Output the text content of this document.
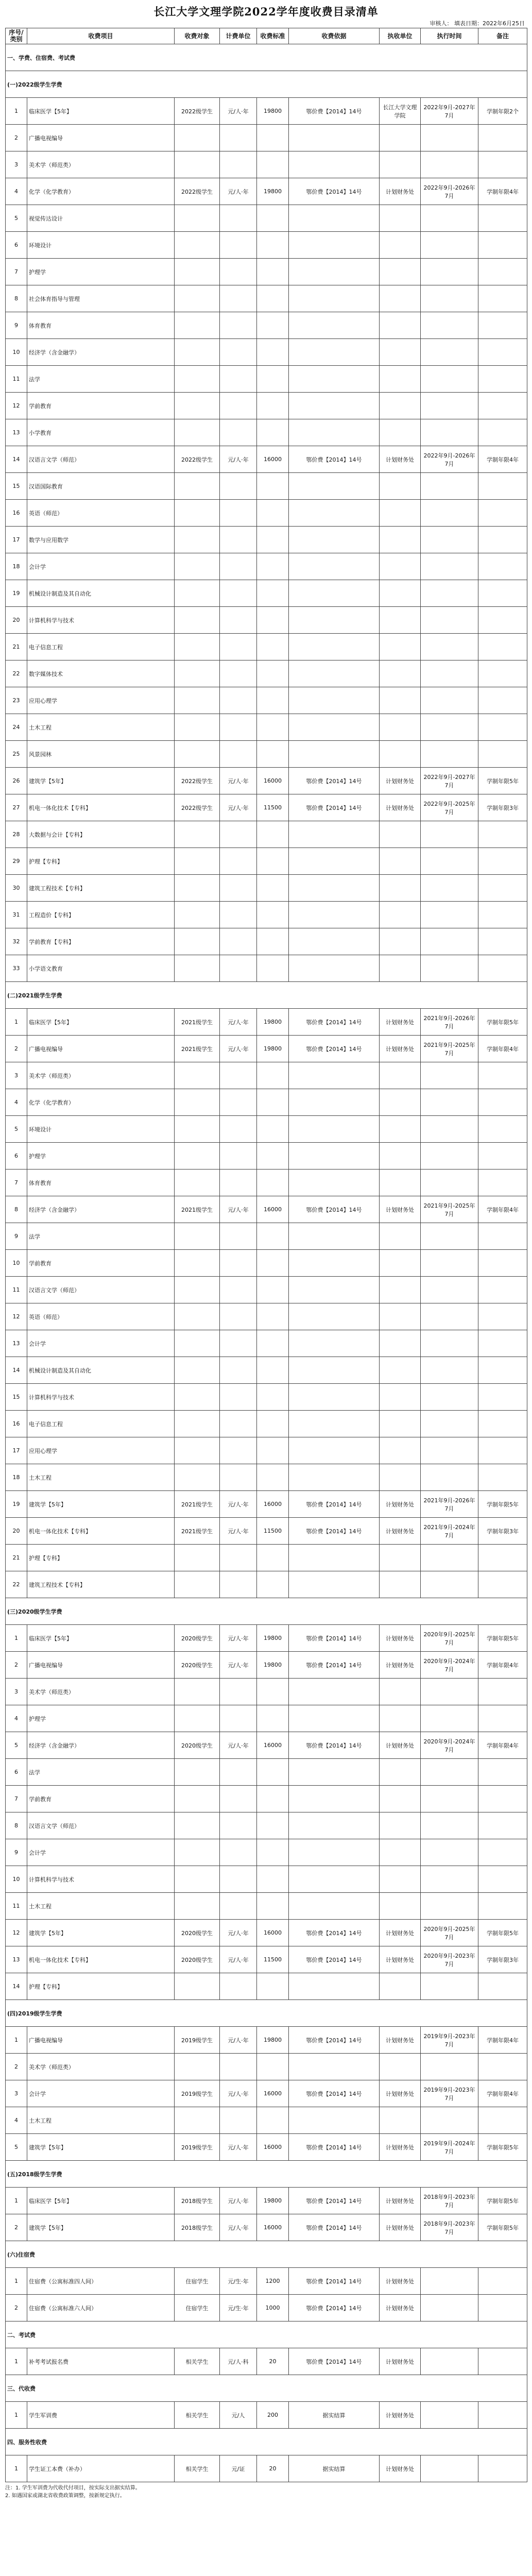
长江大学文理学院2022学年度收费目录清单
审核人： 填表日期：2022年6月25日
序号/类别	收费项目	收费对象	计费单位	收费标准	收费依据	执收单位	执行时间	备注
一、学费、住宿费、考试费								
(一)2022级学生学费								
1	临床医学【5年】	2022级学生	元/人·年	19800	鄂价费【2014】14号	长江大学文理学院	2022年9月-2027年7月	学制年限2个
2	广播电视编导							
3	美术学（师范类）							
4	化学（化学教育）	2022级学生	元/人·年	19800	鄂价费【2014】14号	计划财务处	2022年9月-2026年7月	学制年限4年
5	视觉传达设计							
6	环境设计							
7	护理学							
8	社会体育指导与管理							
9	体育教育							
10	经济学（含金融学）							
11	法学							
12	学前教育							
13	小学教育							
14	汉语言文学（师范）	2022级学生	元/人·年	16000	鄂价费【2014】14号	计划财务处	2022年9月-2026年7月	学制年限4年
15	汉语国际教育							
16	英语（师范）							
17	数学与应用数学							
18	会计学							
19	机械设计制造及其自动化							
20	计算机科学与技术							
21	电子信息工程							
22	数字媒体技术							
23	应用心理学							
24	土木工程							
25	风景园林							
26	建筑学【5年】	2022级学生	元/人·年	16000	鄂价费【2014】14号	计划财务处	2022年9月-2027年7月	学制年限5年
27	机电一体化技术【专科】	2022级学生	元/人·年	11500	鄂价费【2014】14号	计划财务处	2022年9月-2025年7月	学制年限3年
28	大数据与会计【专科】							
29	护理【专科】							
30	建筑工程技术【专科】							
31	工程造价【专科】							
32	学前教育【专科】							
33	小学语文教育							
(二)2021级学生学费								
1	临床医学【5年】	2021级学生	元/人·年	19800	鄂价费【2014】14号	计划财务处	2021年9月-2026年7月	学制年限5年
2	广播电视编导	2021级学生	元/人·年	19800	鄂价费【2014】14号	计划财务处	2021年9月-2025年7月	学制年限4年
3	美术学（师范类）							
4	化学（化学教育）							
5	环境设计							
6	护理学							
7	体育教育							
8	经济学（含金融学）	2021级学生	元/人·年	16000	鄂价费【2014】14号	计划财务处	2021年9月-2025年7月	学制年限4年
9	法学							
10	学前教育							
11	汉语言文学（师范）							
12	英语（师范）							
13	会计学							
14	机械设计制造及其自动化							
15	计算机科学与技术							
16	电子信息工程							
17	应用心理学							
18	土木工程							
19	建筑学【5年】	2021级学生	元/人·年	16000	鄂价费【2014】14号	计划财务处	2021年9月-2026年7月	学制年限5年
20	机电一体化技术【专科】	2021级学生	元/人·年	11500	鄂价费【2014】14号	计划财务处	2021年9月-2024年7月	学制年限3年
21	护理【专科】							
22	建筑工程技术【专科】							
(三)2020级学生学费								
1	临床医学【5年】	2020级学生	元/人·年	19800	鄂价费【2014】14号	计划财务处	2020年9月-2025年7月	学制年限5年
2	广播电视编导	2020级学生	元/人·年	19800	鄂价费【2014】14号	计划财务处	2020年9月-2024年7月	学制年限4年
3	美术学（师范类）							
4	护理学							
5	经济学（含金融学）	2020级学生	元/人·年	16000	鄂价费【2014】14号	计划财务处	2020年9月-2024年7月	学制年限4年
6	法学							
7	学前教育							
8	汉语言文学（师范）							
9	会计学							
10	计算机科学与技术							
11	土木工程							
12	建筑学【5年】	2020级学生	元/人·年	16000	鄂价费【2014】14号	计划财务处	2020年9月-2025年7月	学制年限5年
13	机电一体化技术【专科】	2020级学生	元/人·年	11500	鄂价费【2014】14号	计划财务处	2020年9月-2023年7月	学制年限3年
14	护理【专科】							
(四)2019级学生学费								
1	广播电视编导	2019级学生	元/人·年	19800	鄂价费【2014】14号	计划财务处	2019年9月-2023年7月	学制年限4年
2	美术学（师范类）							
3	会计学	2019级学生	元/人·年	16000	鄂价费【2014】14号	计划财务处	2019年9月-2023年7月	学制年限4年
4	土木工程							
5	建筑学【5年】	2019级学生	元/人·年	16000	鄂价费【2014】14号	计划财务处	2019年9月-2024年7月	学制年限5年
(五)2018级学生学费								
1	临床医学【5年】	2018级学生	元/人·年	19800	鄂价费【2014】14号	计划财务处	2018年9月-2023年7月	学制年限5年
2	建筑学【5年】	2018级学生	元/人·年	16000	鄂价费【2014】14号	计划财务处	2018年9月-2023年7月	学制年限5年
(六)住宿费								
1	住宿费（公寓标准四人间）	住宿学生	元/生·年	1200	鄂价费【2014】14号	计划财务处		
2	住宿费（公寓标准六人间）	住宿学生	元/生·年	1000	鄂价费【2014】14号	计划财务处		
二、考试费								
1	补考考试报名费	相关学生	元/人·科	20	鄂价费【2014】14号	计划财务处		
三、代收费								
1	学生军训费	相关学生	元/人	200	据实结算	计划财务处		
四、服务性收费								
1	学生证工本费（补办）	相关学生	元/证	20	据实结算	计划财务处		
注：1. 学生军训费为代收代付项目，按实际支出据实结算。
2. 如遇国家或湖北省收费政策调整，按新规定执行。
